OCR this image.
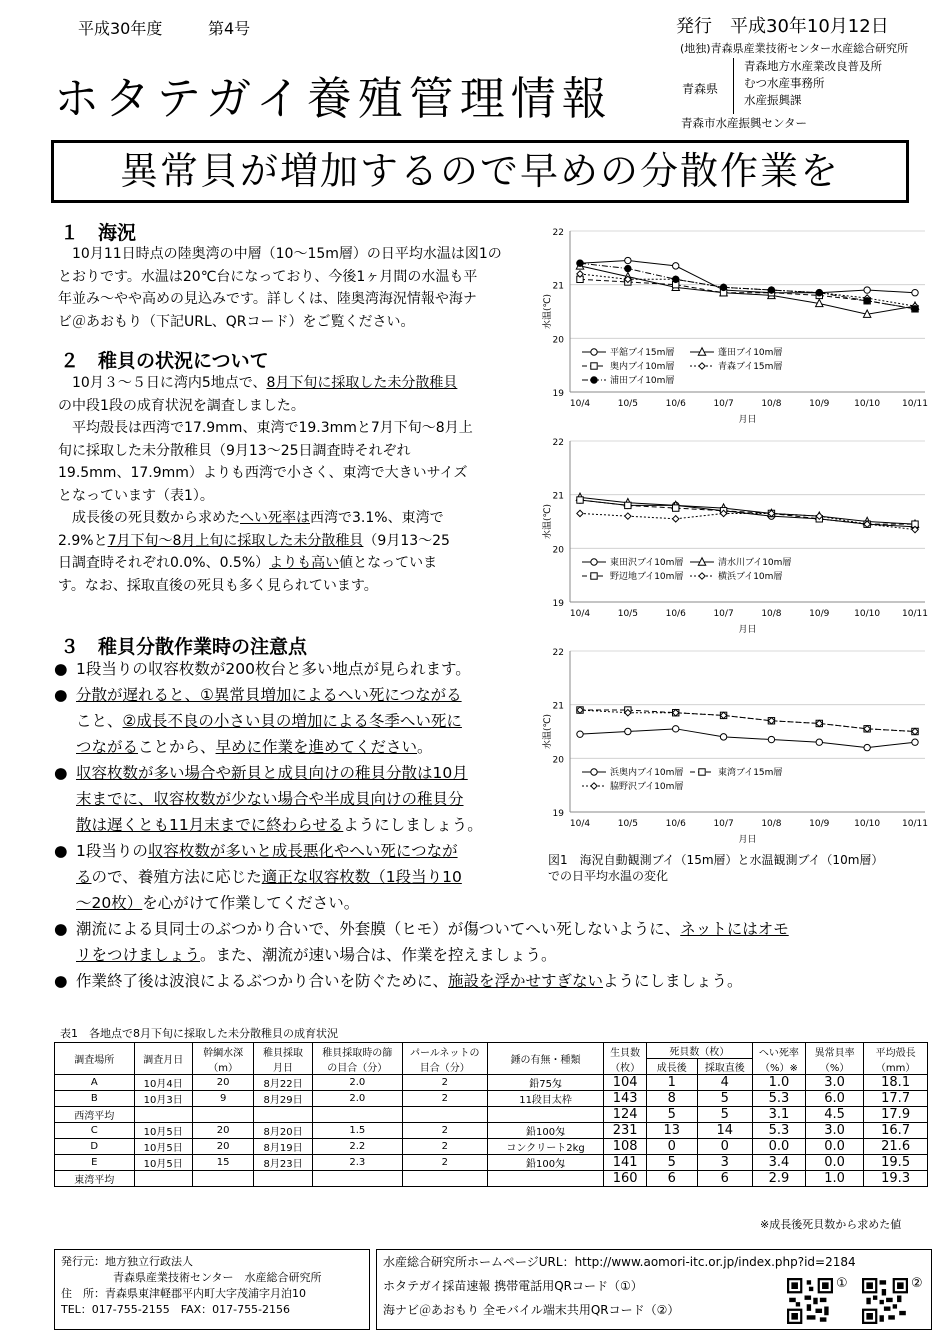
平成30年度	第4号	発行　平成30年10月12日
(地独)青森県産業技術センター水産総合研究所
ホタテガイ養殖管理情報	青森県
青森地方水産業改良普及所
むつ水産事務所
水産振興課
青森市水産振興センター
異常貝が増加するので早めの分散作業を
１　海況
　10月11日時点の陸奥湾の中層（10～15m層）の日平均水温は図1の
とおりです。水温は20℃台になっており、今後1ヶ月間の水温も平
年並み～やや高めの見込みです。詳しくは、陸奥湾海況情報や海ナ
ビ＠あおもり（下記URL、QRコード）をご覧ください。
２　稚貝の状況について
　10月３～５日に湾内5地点で、8月下旬に採取した未分散稚貝
の中段1段の成育状況を調査しました。
　平均殻長は西湾で17.9mm、東湾で19.3mmと7月下旬～8月上
旬に採取した未分散稚貝（9月13～25日調査時それぞれ
19.5mm、17.9mm）よりも西湾で小さく、東湾で大きいサイズ
となっています（表1）。
　成長後の死貝数から求めたへい死率は西湾で3.1%、東湾で
2.9%と7月下旬～8月上旬に採取した未分散稚貝（9月13～25
日調査時それぞれ0.0%、0.5%）よりも高い値となっていま
す。なお、採取直後の死貝も多く見られています。
３　稚貝分散作業時の注意点
● 1段当りの収容枚数が200枚台と多い地点が見られます。
● 分散が遅れると、①異常貝増加によるへい死につながる
こと、②成長不良の小さい貝の増加による冬季へい死に
つながることから、早めに作業を進めてください。
● 収容枚数が多い場合や新貝と成貝向けの稚貝分散は10月
末までに、収容枚数が少ない場合や半成貝向けの稚貝分
散は遅くとも11月末までに終わらせるようにしましょう。
● 1段当りの収容枚数が多いと成長悪化やへい死につなが
るので、養殖方法に応じた適正な収容枚数（1段当り10
～20枚）を心がけて作業してください。
● 潮流による貝同士のぶつかり合いで、外套膜（ヒモ）が傷ついてへい死しないように、ネットにはオモ
リをつけましょう。また、潮流が速い場合は、作業を控えましょう。
● 作業終了後は波浪によるぶつかり合いを防ぐために、施設を浮かせすぎないようにしましょう。
19
20
21
22
10/4	10/5	10/6	10/7	10/8	10/9	10/10 10/11
月日
水温(℃)
平舘ブイ15m層	蓬田ブイ10m層
奥内ブイ10m層	青森ブイ15m層
浦田ブイ10m層
19
20
21
22
10/4	10/5	10/6	10/7	10/8	10/9	10/10 10/11
月日
水温(℃)
東田沢ブイ10m層	清水川ブイ10m層
野辺地ブイ10m層	横浜ブイ10m層
19
20
21
22
10/4	10/5	10/6	10/7	10/8	10/9	10/10 10/11
月日
水温(℃)
浜奥内ブイ10m層	東湾ブイ15m層
脇野沢ブイ10m層
図1　海況自動観測ブイ（15m層）と水温観測ブイ（10m層）
での日平均水温の変化
表1　各地点で8月下旬に採取した未分散稚貝の成育状況
調査場所	調査月日	幹綱水深
（m）	稚貝採取
月日	稚貝採取時の篩
の目合（分）	パールネットの
目合（分）	錘の有無・種類	生貝数
（枚）	死貝数（枚）		へい死率
（%）※	異常貝率
（%）	平均殻長
（mm）
								成長後	採取直後			
A	10月4日	20	8月22日	2.0	2	鉛75匁	104	1	4	1.0	3.0	18.1
B	10月3日	9	8月29日	2.0	2	11段目太枠	143	8	5	5.3	6.0	17.7
西湾平均							124	5	5	3.1	4.5	17.9
C	10月5日	20	8月20日	1.5	2	鉛100匁	231	13	14	5.3	3.0	16.7
D	10月5日	20	8月19日	2.2	2	コンクリート2kg	108	0	0	0.0	0.0	21.6
E	10月5日	15	8月23日	2.3	2	鉛100匁	141	5	3	3.4	0.0	19.5
東湾平均							160	6	6	2.9	1.0	19.3
※成長後死貝数から求めた値
発行元：地方独立行政法人
青森県産業技術センター　水産総合研究所
住　所：青森県東津軽郡平内町大字茂浦字月泊10
TEL：017-755-2155　FAX：017-755-2156
水産総合研究所ホームページURL：http://www.aomori-itc.or.jp/index.php?id=2184
ホタテガイ採苗速報 携帯電話用QRコード（①）
海ナビ＠あおもり 全モバイル端末共用QRコード（②）
①	②
